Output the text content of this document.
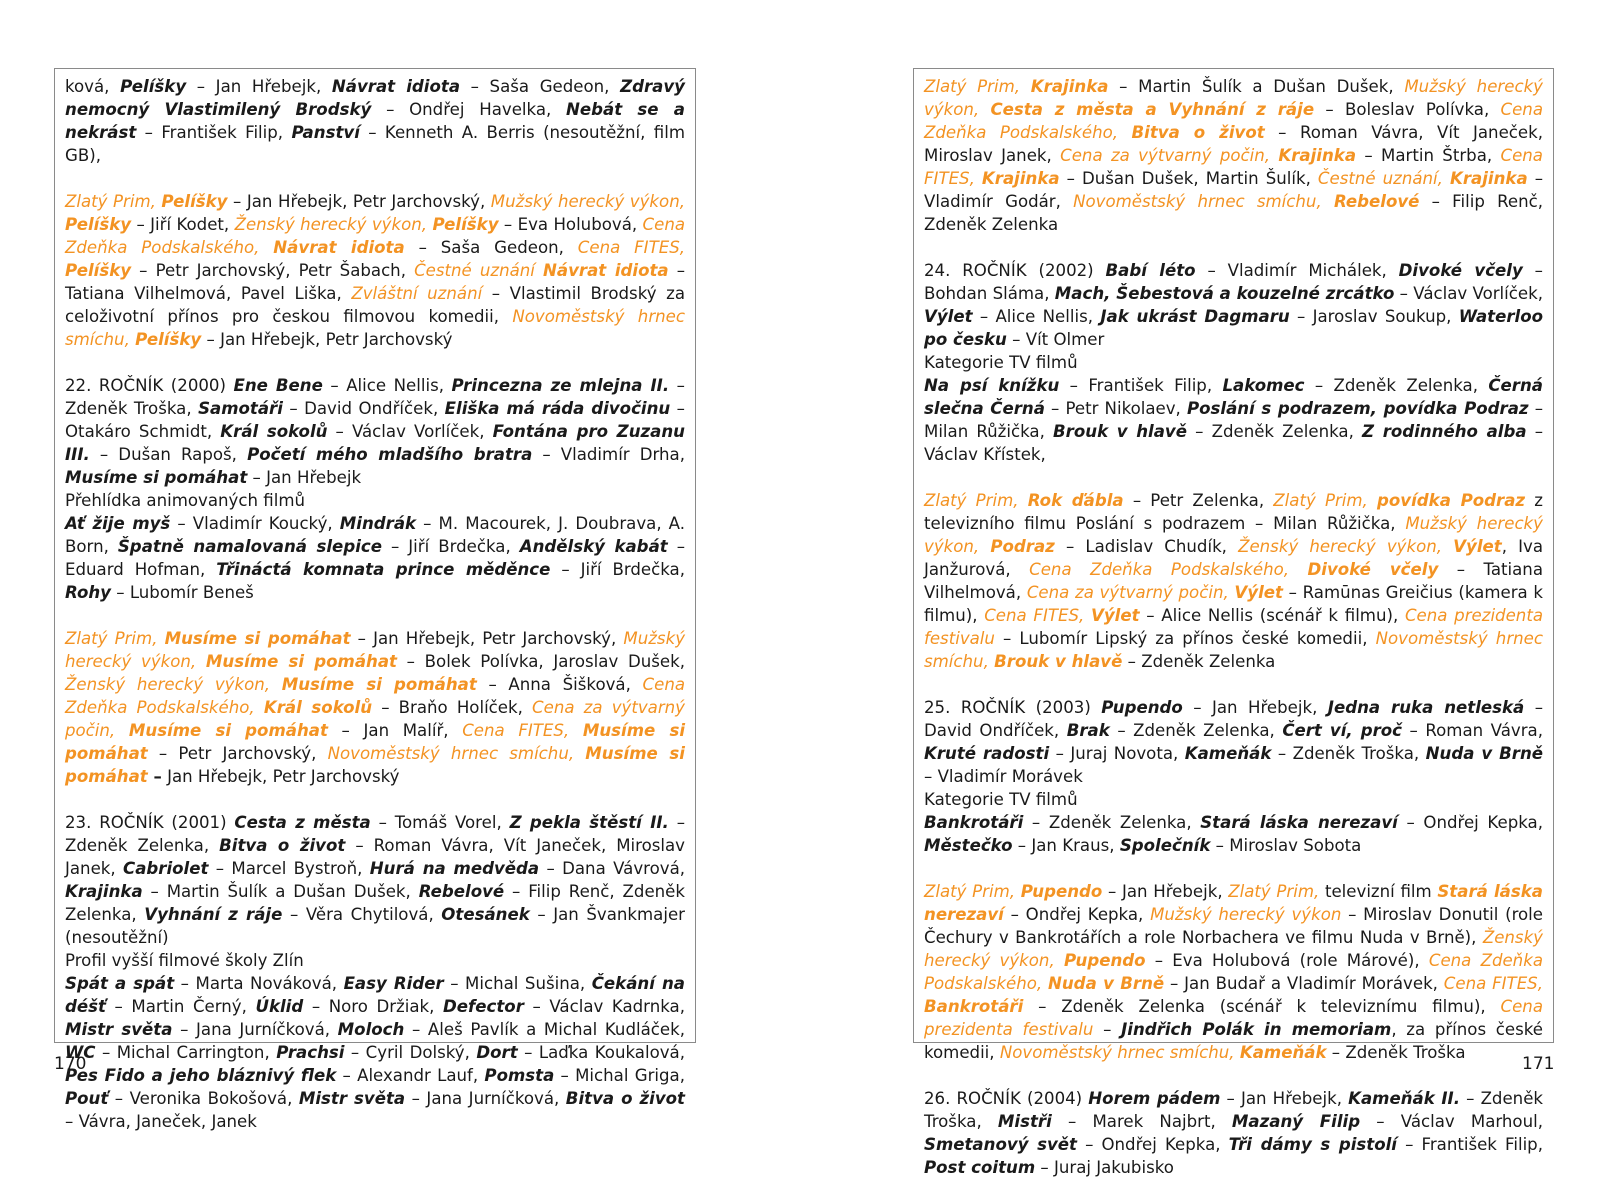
ková, Pelíšky – Jan Hřebejk, Návrat idiota – Saša Gedeon, Zdravý nemocný Vlastimilený Brodský – Ondřej Havelka, Nebát se a nekrást – František Filip, Panství – Kenneth A. Berris (nesoutěžní, film GB),

Zlatý Prim, Pelíšky – Jan Hřebejk, Petr Jarchovský, Mužský herecký výkon, Pelíšky – Jiří Kodet, Ženský herecký výkon, Pelíšky – Eva Holubová, Cena Zdeňka Podskalského, Návrat idiota – Saša Gedeon, Cena FITES, Pelíšky – Petr Jarchovský, Petr Šabach, Čestné uznání Návrat idiota – Tatiana Vilhelmová, Pavel Liška, Zvláštní uznání – Vlastimil Brodský za celoživotní přínos pro českou filmovou komedii, Novoměstský hrnec smíchu, Pelíšky – Jan Hřebejk, Petr Jarchovský

22. ROČNÍK (2000) Ene Bene – Alice Nellis, Princezna ze mlejna II. – Zdeněk Troška, Samotáři – David Ondříček, Eliška má ráda divočinu – Otakáro Schmidt, Král sokolů – Václav Vorlíček, Fontána pro Zuzanu III. – Dušan Rapoš, Početí mého mladšího bratra – Vladimír Drha, Musíme si pomáhat – Jan Hřebejk
Přehlídka animovaných filmů
Ať žije myš – Vladimír Koucký, Mindrák – M. Macourek, J. Doubrava, A. Born, Špatně namalovaná slepice – Jiří Brdečka, Andělský kabát – Eduard Hofman, Třináctá komnata prince měděnce – Jiří Brdečka, Rohy – Lubomír Beneš

Zlatý Prim, Musíme si pomáhat – Jan Hřebejk, Petr Jarchovský, Mužský herecký výkon, Musíme si pomáhat – Bolek Polívka, Jaroslav Dušek, Ženský herecký výkon, Musíme si pomáhat – Anna Šišková, Cena Zdeňka Podskalského, Král sokolů – Braňo Holíček, Cena za výtvarný počin, Musíme si pomáhat – Jan Malíř, Cena FITES, Musíme si pomáhat – Petr Jarchovský, Novoměstský hrnec smíchu, Musíme si pomáhat – Jan Hřebejk, Petr Jarchovský

23. ROČNÍK (2001) Cesta z města – Tomáš Vorel, Z pekla štěstí II. – Zdeněk Zelenka, Bitva o život – Roman Vávra, Vít Janeček, Miroslav Janek, Cabriolet – Marcel Bystroň, Hurá na medvěda – Dana Vávrová, Krajinka – Martin Šulík a Dušan Dušek, Rebelové – Filip Renč, Zdeněk Zelenka, Vyhnání z ráje – Věra Chytilová, Otesánek – Jan Švankmajer (nesoutěžní)
Profil vyšší filmové školy Zlín
Spát a spát – Marta Nováková, Easy Rider – Michal Sušina, Čekání na déšť – Martin Černý, Úklid – Noro Držiak, Defector – Václav Kadrnka, Mistr světa – Jana Jurníčková, Moloch – Aleš Pavlík a Michal Kudláček, WC – Michal Carrington, Prachsi – Cyril Dolský, Dort – Laďka Koukalová, Pes Fido a jeho bláznivý flek – Alexandr Lauf, Pomsta – Michal Griga, Pouť – Veronika Bokošová, Mistr světa – Jana Jurníčková, Bitva o život – Vávra, Janeček, Janek

170

Zlatý Prim, Krajinka – Martin Šulík a Dušan Dušek, Mužský herecký výkon, Cesta z města a Vyhnání z ráje – Boleslav Polívka, Cena Zdeňka Podskalského, Bitva o život – Roman Vávra, Vít Janeček, Miroslav Janek, Cena za výtvarný počin, Krajinka – Martin Štrba, Cena FITES, Krajinka – Dušan Dušek, Martin Šulík, Čestné uznání, Krajinka – Vladimír Godár, Novoměstský hrnec smíchu, Rebelové – Filip Renč, Zdeněk Zelenka

24. ROČNÍK (2002) Babí léto – Vladimír Michálek, Divoké včely – Bohdan Sláma, Mach, Šebestová a kouzelné zrcátko – Václav Vorlíček, Výlet – Alice Nellis, Jak ukrást Dagmaru – Jaroslav Soukup, Waterloo po česku – Vít Olmer
Kategorie TV filmů
Na psí knížku – František Filip, Lakomec – Zdeněk Zelenka, Černá slečna Černá – Petr Nikolaev, Poslání s podrazem, povídka Podraz – Milan Růžička, Brouk v hlavě – Zdeněk Zelenka, Z rodinného alba – Václav Křístek,

Zlatý Prim, Rok ďábla – Petr Zelenka, Zlatý Prim, povídka Podraz z televizního filmu Poslání s podrazem – Milan Růžička, Mužský herecký výkon, Podraz – Ladislav Chudík, Ženský herecký výkon, Výlet, Iva Janžurová, Cena Zdeňka Podskalského, Divoké včely – Tatiana Vilhelmová, Cena za výtvarný počin, Výlet – Ramūnas Greičius (kamera k filmu), Cena FITES, Výlet – Alice Nellis (scénář k filmu), Cena prezidenta festivalu – Lubomír Lipský za přínos české komedii, Novoměstský hrnec smíchu, Brouk v hlavě – Zdeněk Zelenka

25. ROČNÍK (2003) Pupendo – Jan Hřebejk, Jedna ruka netleská – David Ondříček, Brak – Zdeněk Zelenka, Čert ví, proč – Roman Vávra, Kruté radosti – Juraj Novota, Kameňák – Zdeněk Troška, Nuda v Brně – Vladimír Morávek
Kategorie TV filmů
Bankrotáři – Zdeněk Zelenka, Stará láska nerezaví – Ondřej Kepka, Městečko – Jan Kraus, Společník – Miroslav Sobota

Zlatý Prim, Pupendo – Jan Hřebejk, Zlatý Prim, televizní film Stará láska nerezaví – Ondřej Kepka, Mužský herecký výkon – Miroslav Donutil (role Čechury v Bankrotářích a role Norbachera ve filmu Nuda v Brně), Ženský herecký výkon, Pupendo – Eva Holubová (role Márové), Cena Zdeňka Podskalského, Nuda v Brně – Jan Budař a Vladimír Morávek, Cena FITES, Bankrotáři – Zdeněk Zelenka (scénář k televiznímu filmu), Cena prezidenta festivalu – Jindřich Polák in memoriam, za přínos české komedii, Novoměstský hrnec smíchu, Kameňák – Zdeněk Troška

26. ROČNÍK (2004) Horem pádem – Jan Hřebejk, Kameňák II. – Zdeněk Troška, Mistři – Marek Najbrt, Mazaný Filip – Václav Marhoul, Smetanový svět – Ondřej Kepka, Tři dámy s pistolí – František Filip, Post coitum – Juraj Jakubisko

171
